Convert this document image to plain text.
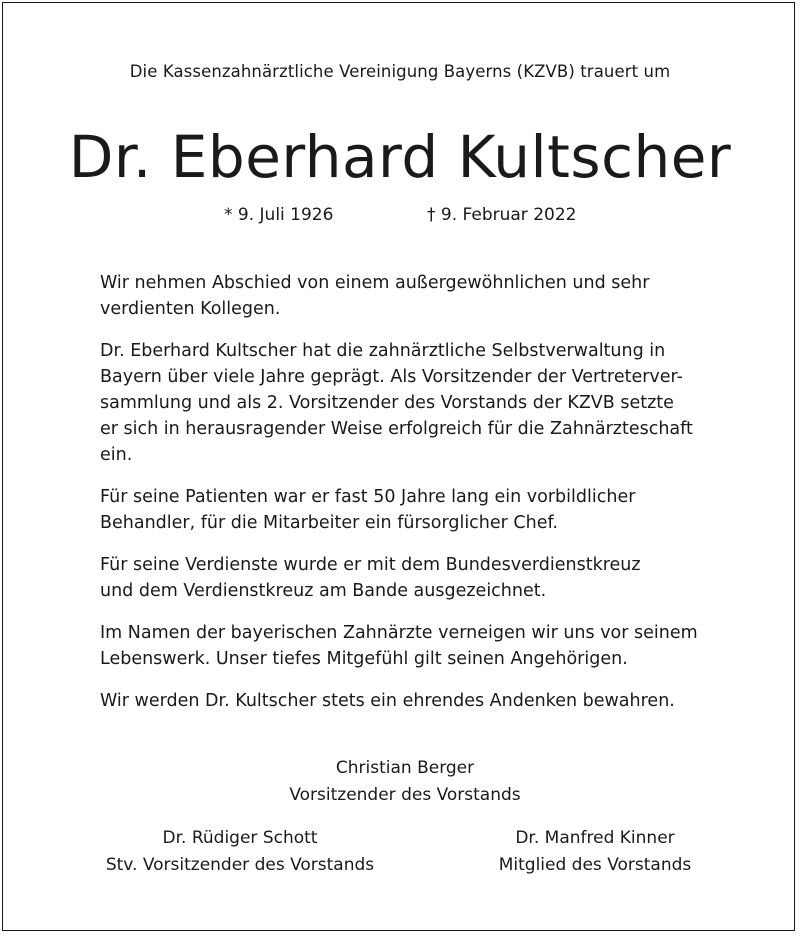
Die Kassenzahnärztliche Vereinigung Bayerns (KZVB) trauert um
Dr. Eberhard Kultscher
* 9. Juli 1926	† 9. Februar 2022

Wir nehmen Abschied von einem außergewöhnlichen und sehr
verdienten Kollegen.

Dr. Eberhard Kultscher hat die zahnärztliche Selbstverwaltung in
Bayern über viele Jahre geprägt. Als Vorsitzender der Vertreterver-
sammlung und als 2. Vorsitzender des Vorstands der KZVB setzte
er sich in herausragender Weise erfolgreich für die Zahnärzteschaft
ein.

Für seine Patienten war er fast 50 Jahre lang ein vorbildlicher
Behandler, für die Mitarbeiter ein fürsorglicher Chef.

Für seine Verdienste wurde er mit dem Bundesverdienstkreuz
und dem Verdienstkreuz am Bande ausgezeichnet.

Im Namen der bayerischen Zahnärzte verneigen wir uns vor seinem
Lebenswerk. Unser tiefes Mitgefühl gilt seinen Angehörigen.

Wir werden Dr. Kultscher stets ein ehrendes Andenken bewahren.

Christian Berger
Vorsitzender des Vorstands
Dr. Rüdiger Schott
Stv. Vorsitzender des Vorstands
Dr. Manfred Kinner
Mitglied des Vorstands
